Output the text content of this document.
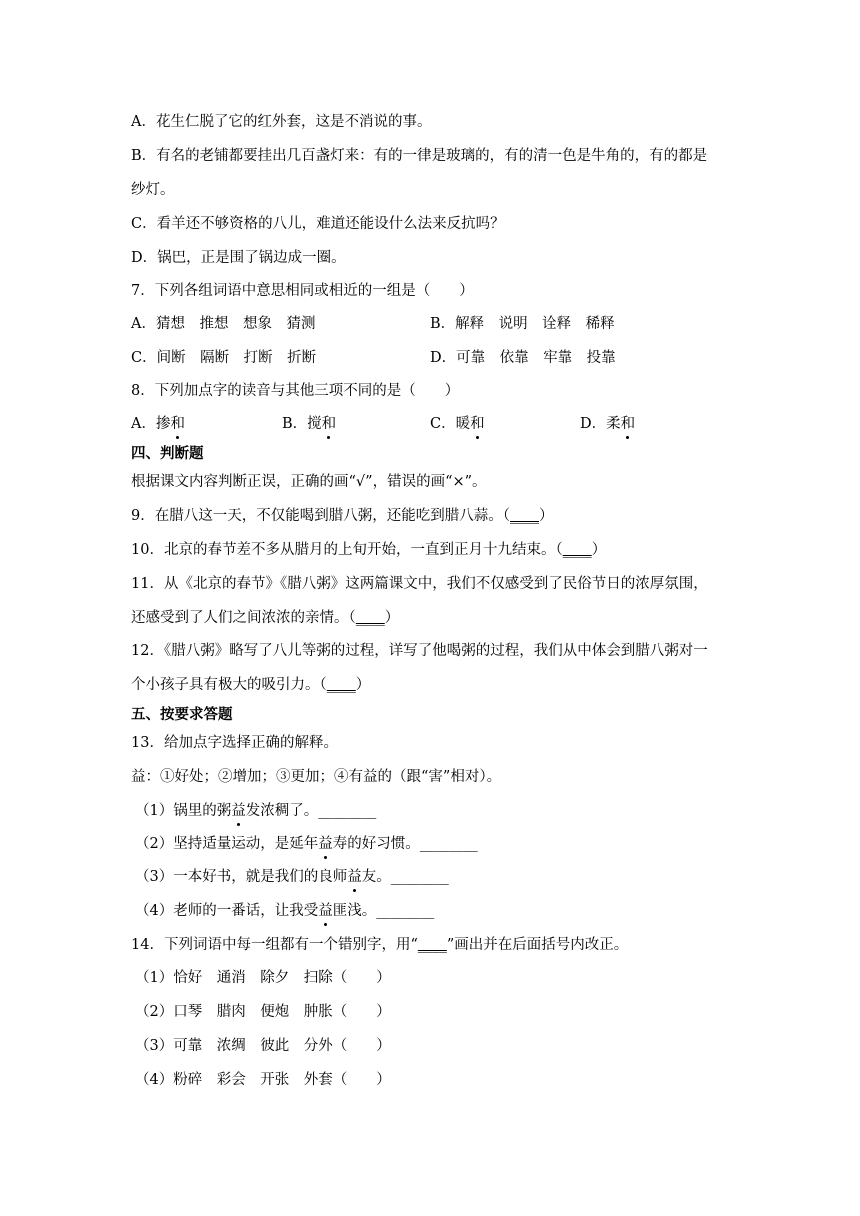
A．花生仁脱了它的红外套，这是不消说的事。
B．有名的老铺都要挂出几百盏灯来：有的一律是玻璃的，有的清一色是牛角的，有的都是
纱灯。
C．看羊还不够资格的八儿，难道还能设什么法来反抗吗？
D．锅巴，正是围了锅边成一圈。
7．下列各组词语中意思相同或相近的一组是（　　）
A．猜想　推想　想象　猜测	B．解释　说明　诠释　稀释
C．间断　隔断　打断　折断	D．可靠　依靠　牢靠　投靠
8．下列加点字的读音与其他三项不同的是（　　）
A．掺和	B．搅和	C．暖和	D．柔和
四、判断题
根据课文内容判断正误，正确的画“√”，错误的画“×”。
9．在腊八这一天，不仅能喝到腊八粥，还能吃到腊八蒜。（____）
10．北京的春节差不多从腊月的上旬开始，一直到正月十九结束。（____）
11．从《北京的春节》《腊八粥》这两篇课文中，我们不仅感受到了民俗节日的浓厚氛围，
还感受到了人们之间浓浓的亲情。（____）
12．《腊八粥》略写了八儿等粥的过程，详写了他喝粥的过程，我们从中体会到腊八粥对一
个小孩子具有极大的吸引力。（____）
五、按要求答题
13．给加点字选择正确的解释。
益：①好处；②增加；③更加；④有益的（跟“害”相对）。
（1）锅里的粥益发浓稠了。________
（2）坚持适量运动，是延年益寿的好习惯。________
（3）一本好书，就是我们的良师益友。________
（4）老师的一番话，让我受益匪浅。________
14．下列词语中每一组都有一个错别字，用“____”画出并在后面括号内改正。
（1）恰好　通消　除夕　扫除（　　）
（2）口琴　腊肉　便炮　肿胀（　　）
（3）可靠　浓绸　彼此　分外（　　）
（4）粉碎　彩会　开张　外套（　　）
